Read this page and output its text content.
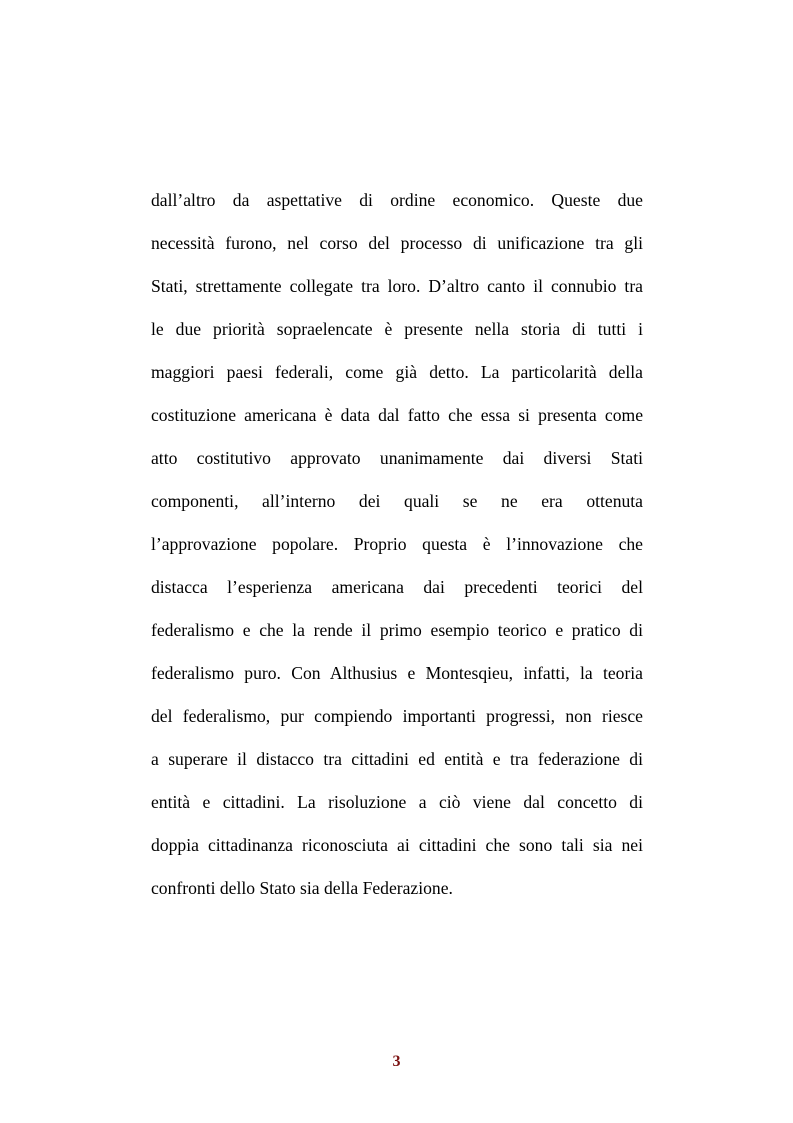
dall’altro da aspettative di ordine economico. Queste due
necessità furono, nel corso del processo di unificazione tra gli
Stati, strettamente collegate tra loro. D’altro canto il connubio tra
le due priorità sopraelencate è presente nella storia di tutti i
maggiori paesi federali, come già detto. La particolarità della
costituzione americana è data dal fatto che essa si presenta come
atto costitutivo approvato unanimamente dai diversi Stati
componenti, all’interno dei quali se ne era ottenuta
l’approvazione popolare. Proprio questa è l’innovazione che
distacca l’esperienza americana dai precedenti teorici del
federalismo e che la rende il primo esempio teorico e pratico di
federalismo puro. Con Althusius e Montesqieu, infatti, la teoria
del federalismo, pur compiendo importanti progressi, non riesce
a superare il distacco tra cittadini ed entità e tra federazione di
entità e cittadini. La risoluzione a ciò viene dal concetto di
doppia cittadinanza riconosciuta ai cittadini che sono tali sia nei
confronti dello Stato sia della Federazione.
3
